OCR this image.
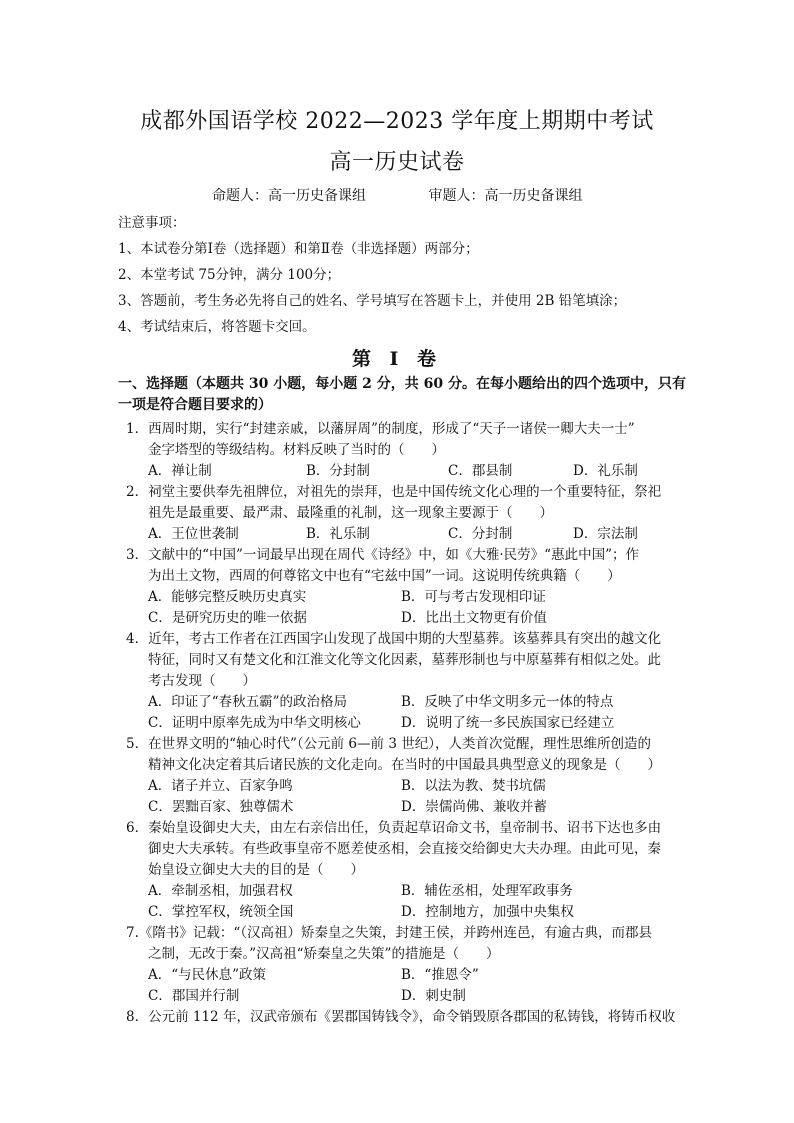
成都外国语学校 2022—2023 学年度上期期中考试
高一历史试卷
命题人：高一历史备课组	审题人：高一历史备课组
注意事项：
1、本试卷分第Ⅰ卷（选择题）和第Ⅱ卷（非选择题）两部分；
2、本堂考试 75分钟，满分 100分；
3、答题前，考生务必先将自己的姓名、学号填写在答题卡上，并使用 2B 铅笔填涂；
4、考试结束后，将答题卡交回。
第 Ⅰ 卷
一、选择题（本题共 30 小题，每小题 2 分，共 60 分。在每小题给出的四个选项中，只有
一项是符合题目要求的）
1．西周时期，实行“封建亲戚，以藩屏周”的制度，形成了“天子一诸侯一卿大夫一士”
金字塔型的等级结构。材料反映了当时的（　　）
A．禅让制	B．分封制	C．郡县制	D．礼乐制
2．祠堂主要供奉先祖牌位，对祖先的崇拜，也是中国传统文化心理的一个重要特征，祭祀
祖先是最重要、最严肃、最隆重的礼制，这一现象主要源于（　　）
A．王位世袭制	B．礼乐制	C．分封制	D．宗法制
3．文献中的“中国”一词最早出现在周代《诗经》中，如《大雅·民劳》“惠此中国”；作
为出土文物，西周的何尊铭文中也有“宅兹中国”一词。这说明传统典籍（　　）
A．能够完整反映历史真实	B．可与考古发现相印证
C．是研究历史的唯一依据	D．比出土文物更有价值
4．近年，考古工作者在江西国字山发现了战国中期的大型墓葬。该墓葬具有突出的越文化
特征，同时又有楚文化和江淮文化等文化因素，墓葬形制也与中原墓葬有相似之处。此
考古发现（　　）
A．印证了“春秋五霸”的政治格局	B．反映了中华文明多元一体的特点
C．证明中原率先成为中华文明核心	D．说明了统一多民族国家已经建立
5．在世界文明的“轴心时代”（公元前 6—前 3 世纪），人类首次觉醒，理性思维所创造的
精神文化决定着其后诸民族的文化走向。在当时的中国最具典型意义的现象是（　　）
A．诸子并立、百家争鸣	B．以法为教、焚书坑儒
C．罢黜百家、独尊儒术	D．崇儒尚佛、兼收并蓄
6．秦始皇设御史大夫，由左右亲信出任，负责起草诏命文书，皇帝制书、诏书下达也多由
御史大夫承转。有些政事皇帝不愿差使丞相，会直接交给御史大夫办理。由此可见，秦
始皇设立御史大夫的目的是（　　）
A．牵制丞相，加强君权	B．辅佐丞相，处理军政事务
C．掌控军权，统领全国	D．控制地方，加强中央集权
7.《隋书》记载：“（汉高祖）矫秦皇之失策，封建王侯，并跨州连邑，有逾古典，而郡县
之制，无改于秦。”汉高祖“矫秦皇之失策”的措施是（　　）
A．“与民休息”政策	B．“推恩令”
C．郡国并行制	D．刺史制
8．公元前 112 年，汉武帝颁布《罢郡国铸钱令》，命令销毁原各郡国的私铸钱，将铸币权收
